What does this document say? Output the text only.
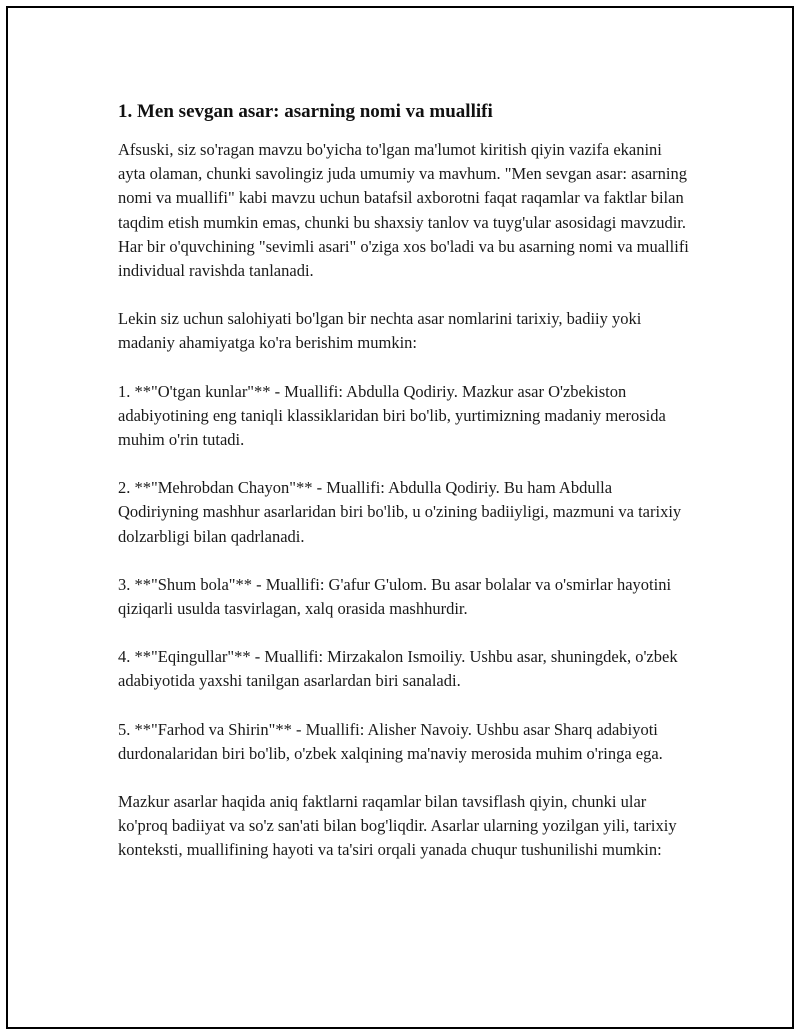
1. Men sevgan asar: asarning nomi va muallifi

Afsuski, siz so'ragan mavzu bo'yicha to'lgan ma'lumot kiritish qiyin vazifa ekanini ayta olaman, chunki savolingiz juda umumiy va mavhum. "Men sevgan asar: asarning nomi va muallifi" kabi mavzu uchun batafsil axborotni faqat raqamlar va faktlar bilan taqdim etish mumkin emas, chunki bu shaxsiy tanlov va tuyg'ular asosidagi mavzudir. Har bir o'quvchining "sevimli asari" o'ziga xos bo'ladi va bu asarning nomi va muallifi individual ravishda tanlanadi.

Lekin siz uchun salohiyati bo'lgan bir nechta asar nomlarini tarixiy, badiiy yoki madaniy ahamiyatga ko'ra berishim mumkin:

1. **"O'tgan kunlar"** - Muallifi: Abdulla Qodiriy. Mazkur asar O'zbekiston adabiyotining eng taniqli klassiklaridan biri bo'lib, yurtimizning madaniy merosida muhim o'rin tutadi.

2. **"Mehrobdan Chayon"** - Muallifi: Abdulla Qodiriy. Bu ham Abdulla Qodiriyning mashhur asarlaridan biri bo'lib, u o'zining badiiyligi, mazmuni va tarixiy dolzarbligi bilan qadrlanadi.

3. **"Shum bola"** - Muallifi: G'afur G'ulom. Bu asar bolalar va o'smirlar hayotini qiziqarli usulda tasvirlagan, xalq orasida mashhurdir.

4. **"Eqingullar"** - Muallifi: Mirzakalon Ismoiliy. Ushbu asar, shuningdek, o'zbek adabiyotida yaxshi tanilgan asarlardan biri sanaladi.

5. **"Farhod va Shirin"** - Muallifi: Alisher Navoiy. Ushbu asar Sharq adabiyoti durdonalaridan biri bo'lib, o'zbek xalqining ma'naviy merosida muhim o'ringa ega.

Mazkur asarlar haqida aniq faktlarni raqamlar bilan tavsiflash qiyin, chunki ular ko'proq badiiyat va so'z san'ati bilan bog'liqdir. Asarlar ularning yozilgan yili, tarixiy konteksti, muallifining hayoti va ta'siri orqali yanada chuqur tushunilishi mumkin:
